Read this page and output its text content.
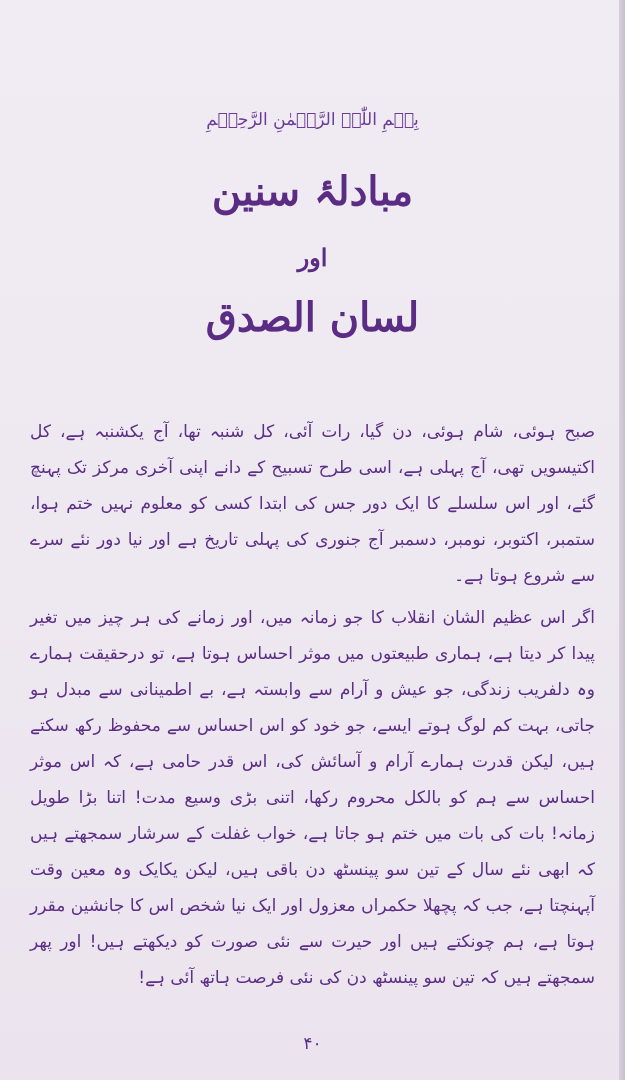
بِسۡمِ اللّٰہِ الرَّحۡمٰنِ الرَّحِیۡمِ

مبادلۂ سنین
اور
لسان الصدق

صبح ہوئی، شام ہوئی، دن گیا، رات آئی، کل شنبہ تھا، آج یکشنبہ ہے، کل اکتیسویں تھی، آج پہلی ہے، اسی طرح تسبیح کے دانے اپنی آخری مرکز تک پہنچ گئے، اور اس سلسلے کا ایک دور جس کی ابتدا کسی کو معلوم نہیں ختم ہوا، ستمبر، اکتوبر، نومبر، دسمبر آج جنوری کی پہلی تاریخ ہے اور نیا دور نئے سرے سے شروع ہوتا ہے۔

اگر اس عظیم الشان انقلاب کا جو زمانہ میں، اور زمانے کی ہر چیز میں تغیر پیدا کر دیتا ہے، ہماری طبیعتوں میں موثر احساس ہوتا ہے، تو درحقیقت ہمارے وہ دلفریب زندگی، جو عیش و آرام سے وابستہ ہے، بے اطمینانی سے مبدل ہو جاتی، بہت کم لوگ ہوتے ایسے، جو خود کو اس احساس سے محفوظ رکھ سکتے ہیں، لیکن قدرت ہمارے آرام و آسائش کی، اس قدر حامی ہے، کہ اس موثر احساس سے ہم کو بالکل محروم رکھا، اتنی بڑی وسیع مدت! اتنا بڑا طویل زمانہ! بات کی بات میں ختم ہو جاتا ہے، خواب غفلت کے سرشار سمجھتے ہیں کہ ابھی نئے سال کے تین سو پینسٹھ دن باقی ہیں، لیکن یکایک وہ معین وقت آپہنچتا ہے، جب کہ پچھلا حکمراں معزول اور ایک نیا شخص اس کا جانشین مقرر ہوتا ہے، ہم چونکتے ہیں اور حیرت سے نئی صورت کو دیکھتے ہیں! اور پھر سمجھتے ہیں کہ تین سو پینسٹھ دن کی نئی فرصت ہاتھ آئی ہے!

۴۰
